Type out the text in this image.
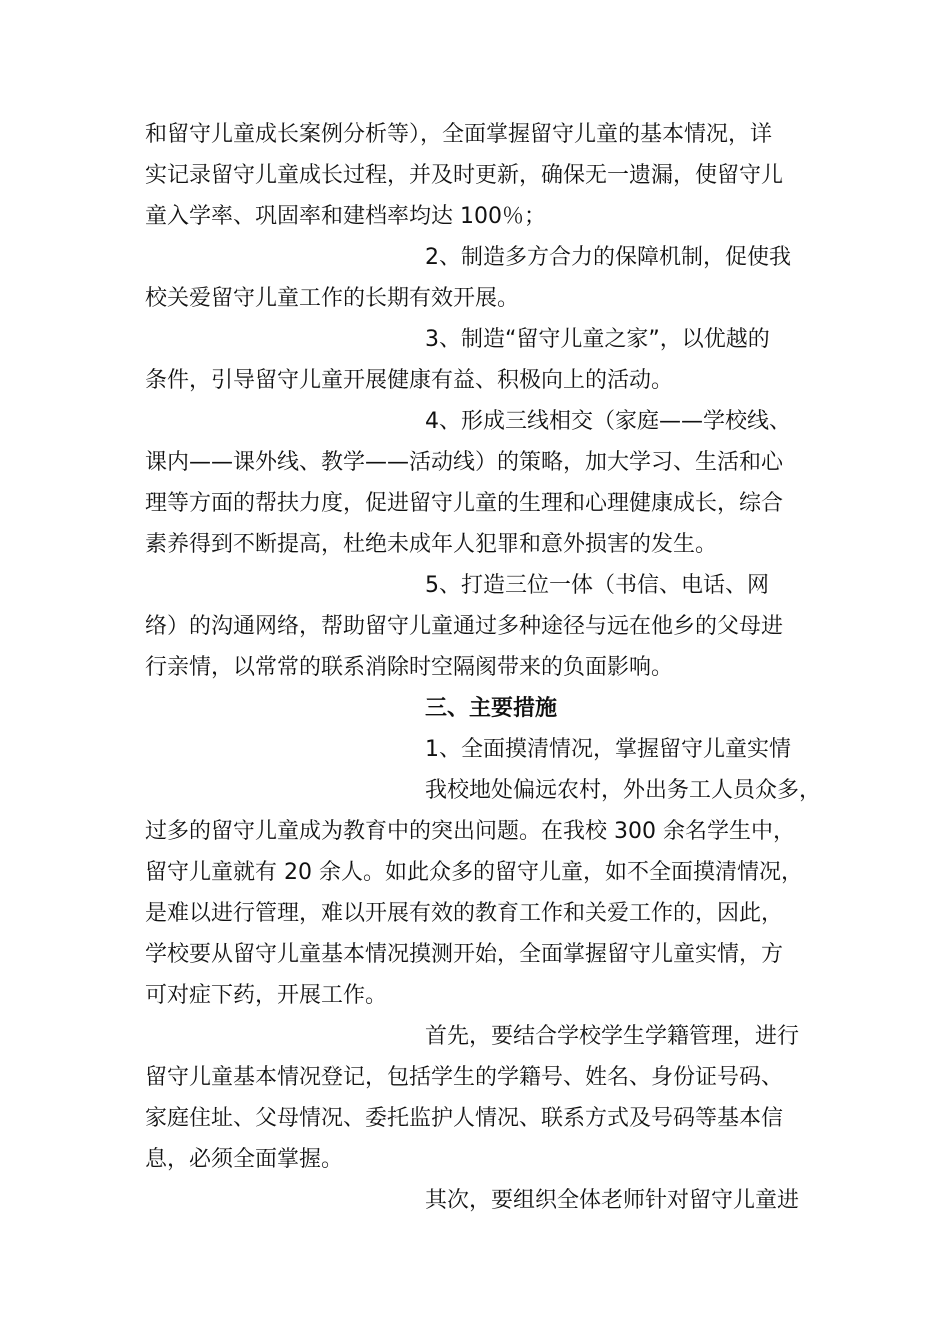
和留守儿童成长案例分析等），全面掌握留守儿童的基本情况，详
实记录留守儿童成长过程，并及时更新，确保无一遗漏，使留守儿
童入学率、巩固率和建档率均达 100％；
2、制造多方合力的保障机制，促使我
校关爱留守儿童工作的长期有效开展。
3、制造“留守儿童之家”，以优越的
条件，引导留守儿童开展健康有益、积极向上的活动。
4、形成三线相交（家庭——学校线、
课内——课外线、教学——活动线）的策略，加大学习、生活和心
理等方面的帮扶力度，促进留守儿童的生理和心理健康成长，综合
素养得到不断提高，杜绝未成年人犯罪和意外损害的发生。
5、打造三位一体（书信、电话、网
络）的沟通网络，帮助留守儿童通过多种途径与远在他乡的父母进
行亲情，以常常的联系消除时空隔阂带来的负面影响。
三、主要措施
1、全面摸清情况，掌握留守儿童实情
我校地处偏远农村，外出务工人员众多，
过多的留守儿童成为教育中的突出问题。在我校 300 余名学生中，
留守儿童就有 20 余人。如此众多的留守儿童，如不全面摸清情况，
是难以进行管理，难以开展有效的教育工作和关爱工作的，因此，
学校要从留守儿童基本情况摸测开始，全面掌握留守儿童实情，方
可对症下药，开展工作。
首先，要结合学校学生学籍管理，进行
留守儿童基本情况登记，包括学生的学籍号、姓名、身份证号码、
家庭住址、父母情况、委托监护人情况、联系方式及号码等基本信
息，必须全面掌握。
其次，要组织全体老师针对留守儿童进
